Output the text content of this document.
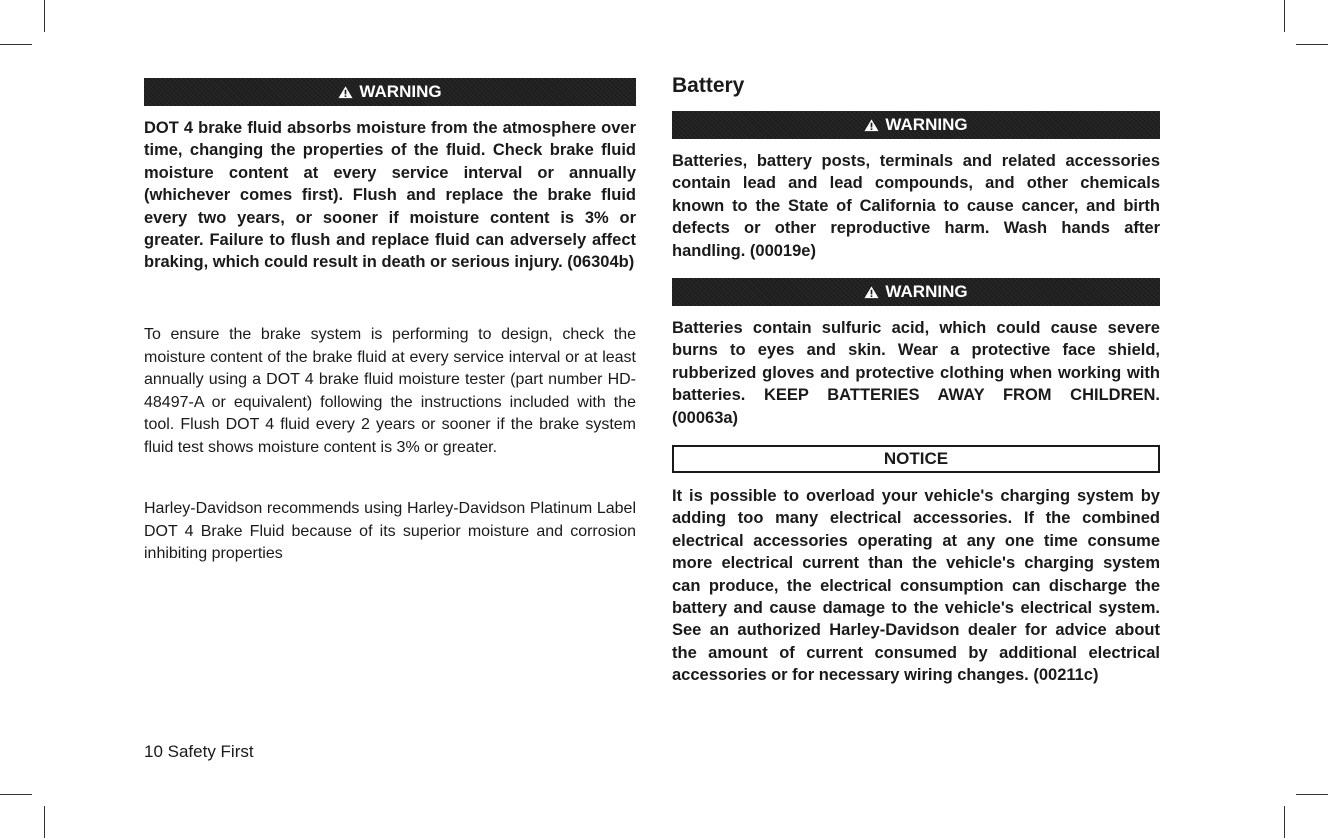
WARNING

DOT 4 brake fluid absorbs moisture from the atmosphere over time, changing the properties of the fluid. Check brake fluid moisture content at every service interval or annually (whichever comes first). Flush and replace the brake fluid every two years, or sooner if moisture content is 3% or greater. Failure to flush and replace fluid can adversely affect braking, which could result in death or serious injury. (06304b)

To ensure the brake system is performing to design, check the moisture content of the brake fluid at every service interval or at least annually using a DOT 4 brake fluid moisture tester (part number HD-48497-A or equivalent) following the instructions included with the tool. Flush DOT 4 fluid every 2 years or sooner if the brake system fluid test shows moisture content is 3% or greater.

Harley-Davidson recommends using Harley-Davidson Platinum Label DOT 4 Brake Fluid because of its superior moisture and corrosion inhibiting properties

Battery
WARNING

Batteries, battery posts, terminals and related accessories contain lead and lead compounds, and other chemicals known to the State of California to cause cancer, and birth defects or other reproductive harm. Wash hands after handling. (00019e)

WARNING

Batteries contain sulfuric acid, which could cause severe burns to eyes and skin. Wear a protective face shield, rubberized gloves and protective clothing when working with batteries. KEEP BATTERIES AWAY FROM CHILDREN. (00063a)

NOTICE

It is possible to overload your vehicle's charging system by adding too many electrical accessories. If the combined electrical accessories operating at any one time consume more electrical current than the vehicle's charging system can produce, the electrical consumption can discharge the battery and cause damage to the vehicle's electrical system. See an authorized Harley-Davidson dealer for advice about the amount of current consumed by additional electrical accessories or for necessary wiring changes. (00211c)

10 Safety First
